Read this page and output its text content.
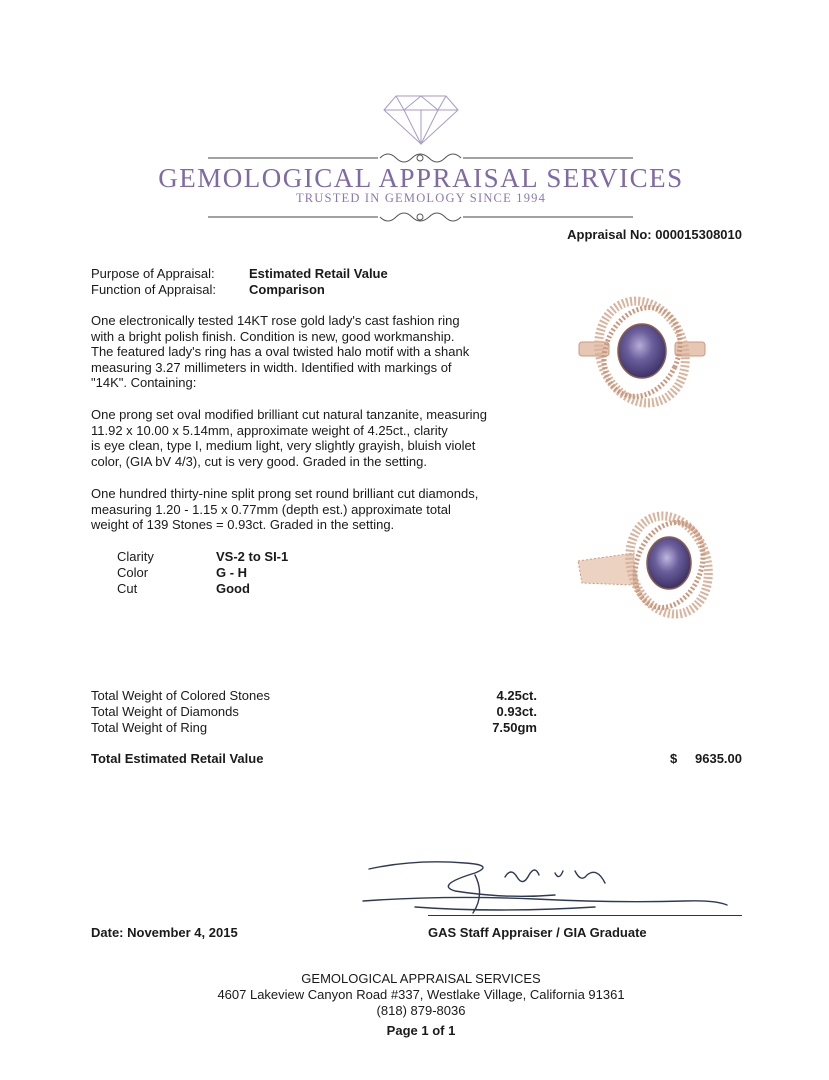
GEMOLOGICAL APPRAISAL SERVICES
TRUSTED IN GEMOLOGY SINCE 1994
Appraisal No: 000015308010
Purpose of Appraisal:	Estimated Retail Value
Function of Appraisal:	Comparison
One electronically tested 14KT rose gold lady's cast fashion ring
with a bright polish finish. Condition is new, good workmanship.
The featured lady's ring has a oval twisted halo motif with a shank
measuring 3.27 millimeters in width. Identified with markings of
"14K". Containing:
One prong set oval modified brilliant cut natural tanzanite, measuring
11.92 x 10.00 x 5.14mm, approximate weight of 4.25ct., clarity
is eye clean, type I, medium light, very slightly grayish, bluish violet
color, (GIA bV 4/3), cut is very good. Graded in the setting.
One hundred thirty-nine split prong set round brilliant cut diamonds,
measuring 1.20 - 1.15 x 0.77mm (depth est.) approximate total
weight of 139 Stones = 0.93ct. Graded in the setting.
Clarity	VS-2 to SI-1
Color	G - H
Cut	Good
Total Weight of Colored Stones	4.25ct.
Total Weight of Diamonds	0.93ct.
Total Weight of Ring	7.50gm
Total Estimated Retail Value	$	9635.00
Date: November 4, 2015	GAS Staff Appraiser / GIA Graduate
GEMOLOGICAL APPRAISAL SERVICES
4607 Lakeview Canyon Road #337, Westlake Village, California 91361
(818) 879-8036
Page 1 of 1
